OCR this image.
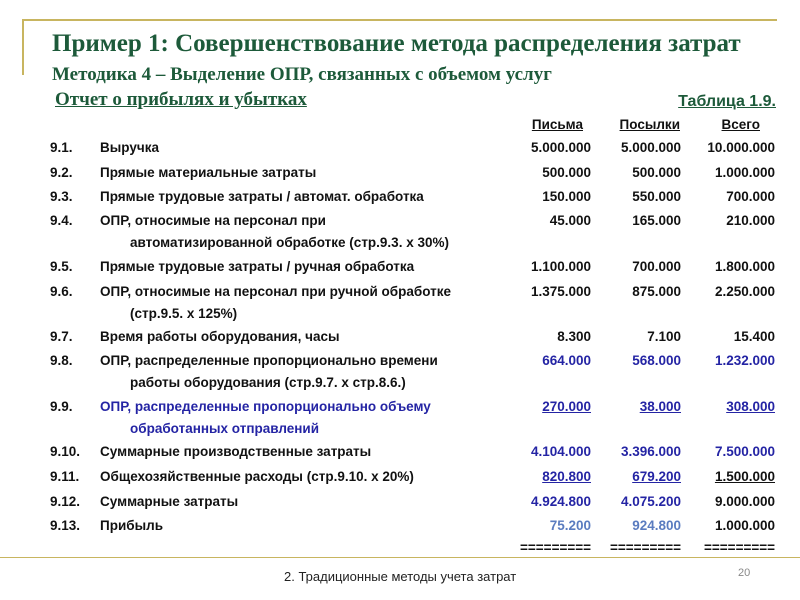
Пример 1: Совершенствование метода распределения затрат
Методика 4 – Выделение ОПР, связанных с объемом услуг
Отчет о прибылях и убытках	Таблица 1.9.
Письма	Посылки	Всего
9.1. Выручка	5.000.000	5.000.000	10.000.000
9.2. Прямые материальные затраты	500.000	500.000	1.000.000
9.3. Прямые трудовые затраты / автомат. обработка	150.000	550.000	700.000
9.4. ОПР, относимые на персонал при
автоматизированной обработке (стр.9.3. х 30%)
45.000	165.000	210.000
9.5. Прямые трудовые затраты / ручная обработка	1.100.000	700.000	1.800.000
9.6. ОПР, относимые на персонал при ручной обработке
(стр.9.5. х 125%)
1.375.000	875.000	2.250.000
9.7. Время работы оборудования, часы	8.300	7.100	15.400
9.8. ОПР, распределенные пропорционально времени
работы оборудования (стр.9.7. х стр.8.6.)
664.000	568.000	1.232.000
9.9. ОПР, распределенные пропорционально объему
обработанных отправлений
270.000	38.000	308.000
9.10. Суммарные производственные затраты	4.104.000	3.396.000	7.500.000
9.11. Общехозяйственные расходы (стр.9.10. х 20%)	820.800	679.200	1.500.000
9.12. Суммарные затраты	4.924.800	4.075.200	9.000.000
9.13. Прибыль	75.200	924.800	1.000.000
=========	=========	=========
2. Традиционные методы учета затрат	20
